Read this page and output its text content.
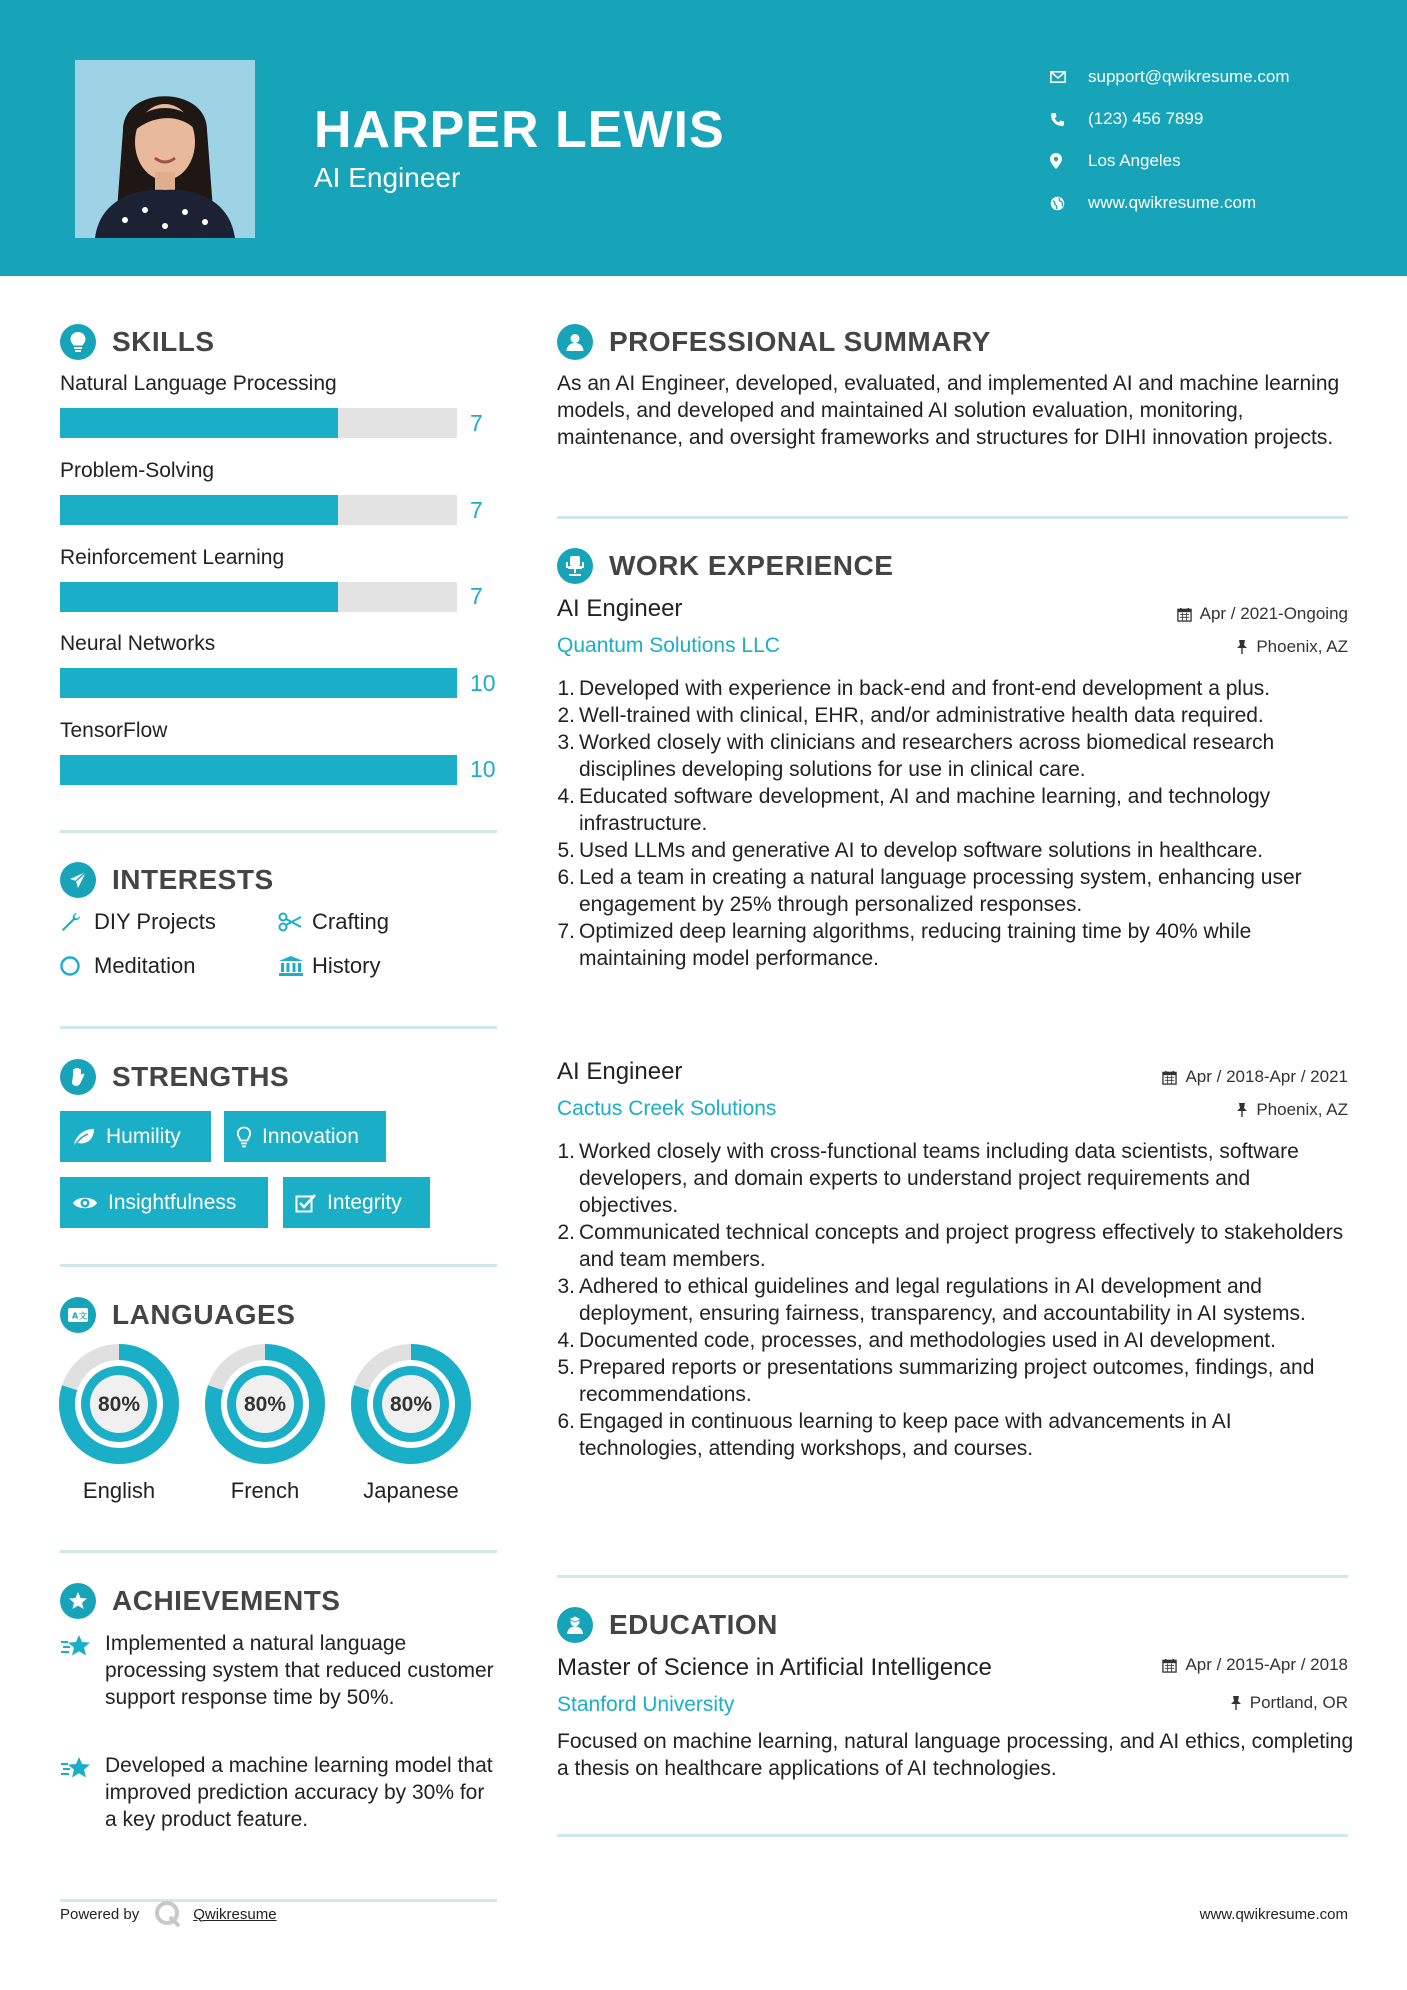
HARPER LEWIS
AI Engineer
support@qwikresume.com
(123) 456 7899
Los Angeles
www.qwikresume.com
SKILLS
Natural Language Processing
7
Problem-Solving
7
Reinforcement Learning
7
Neural Networks
10
TensorFlow
10
INTERESTS
DIY Projects	Crafting
Meditation	History
STRENGTHS
Humility	Innovation
Insightfulness	Integrity
A 文 LANGUAGES
80%
English
80%
French
80%
Japanese
ACHIEVEMENTS
Implemented a natural language processing system that reduced customer support response time by 50%.
Developed a machine learning model that improved prediction accuracy by 30% for a key product feature.
PROFESSIONAL SUMMARY
As an AI Engineer, developed, evaluated, and implemented AI and machine learning models, and developed and maintained AI solution evaluation, monitoring, maintenance, and oversight frameworks and structures for DIHI innovation projects.
WORK EXPERIENCE
AI Engineer	Apr / 2021-Ongoing
Quantum Solutions LLC	Phoenix, AZ
1. Developed with experience in back-end and front-end development a plus.
2. Well-trained with clinical, EHR, and/or administrative health data required.
3. Worked closely with clinicians and researchers across biomedical research disciplines developing solutions for use in clinical care.
4. Educated software development, AI and machine learning, and technology infrastructure.
5. Used LLMs and generative AI to develop software solutions in healthcare.
6. Led a team in creating a natural language processing system, enhancing user engagement by 25% through personalized responses.
7. Optimized deep learning algorithms, reducing training time by 40% while maintaining model performance.
AI Engineer	Apr / 2018-Apr / 2021
Cactus Creek Solutions	Phoenix, AZ
1. Worked closely with cross-functional teams including data scientists, software developers, and domain experts to understand project requirements and objectives.
2. Communicated technical concepts and project progress effectively to stakeholders and team members.
3. Adhered to ethical guidelines and legal regulations in AI development and deployment, ensuring fairness, transparency, and accountability in AI systems.
4. Documented code, processes, and methodologies used in AI development.
5. Prepared reports or presentations summarizing project outcomes, findings, and recommendations.
6. Engaged in continuous learning to keep pace with advancements in AI technologies, attending workshops, and courses.
EDUCATION
Master of Science in Artificial Intelligence	Apr / 2015-Apr / 2018
Stanford University	Portland, OR
Focused on machine learning, natural language processing, and AI ethics, completing a thesis on healthcare applications of AI technologies.
Powered by	Qwikresume	www.qwikresume.com
